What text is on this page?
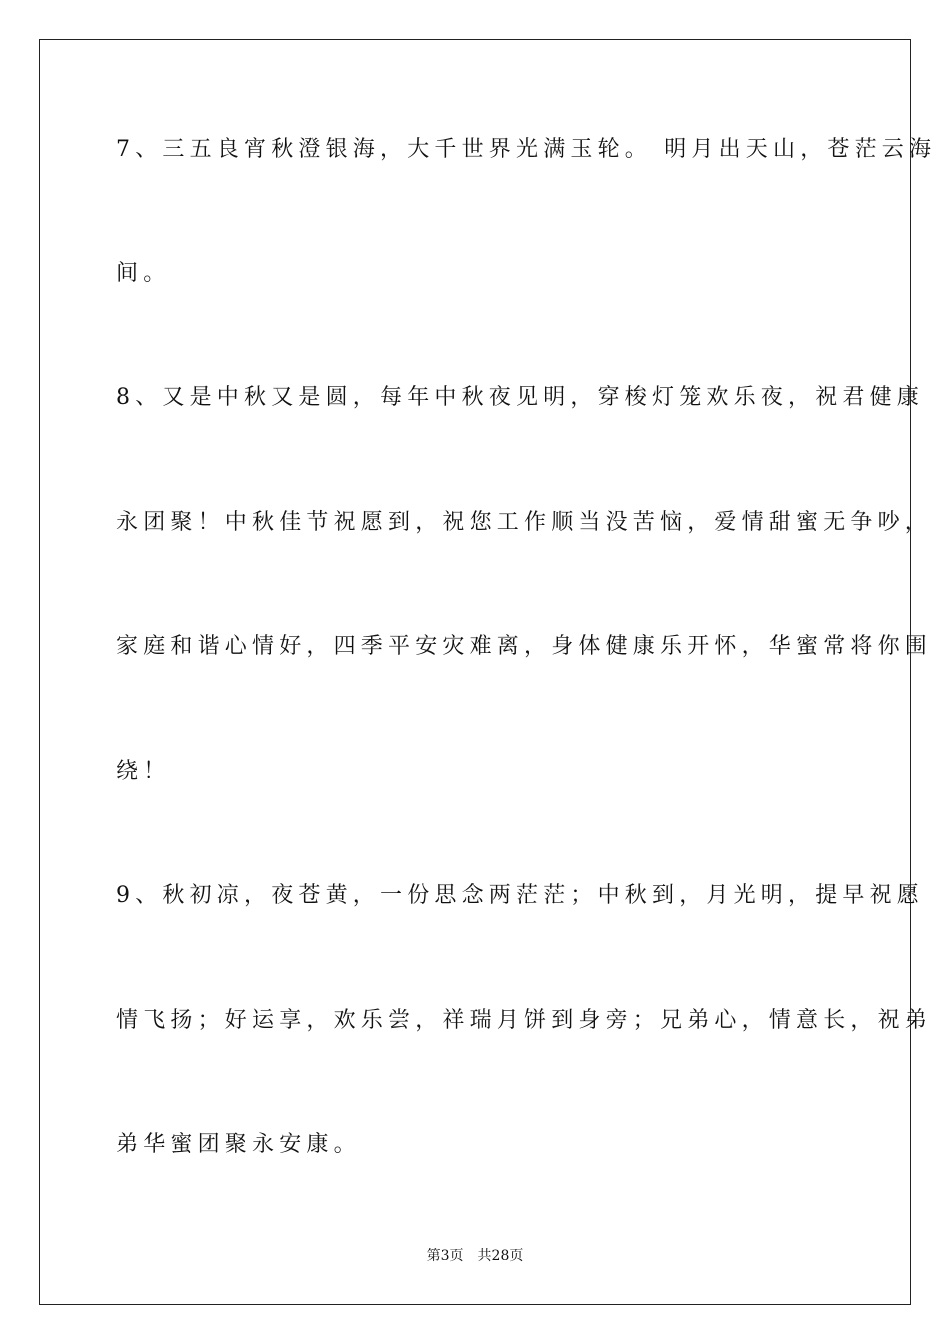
7、三五良宵秋澄银海，大千世界光满玉轮。 明月出天山，苍茫云海
间。
8、又是中秋又是圆，每年中秋夜见明，穿梭灯笼欢乐夜，祝君健康
永团聚！中秋佳节祝愿到，祝您工作顺当没苦恼，爱情甜蜜无争吵，
家庭和谐心情好，四季平安灾难离，身体健康乐开怀，华蜜常将你围
绕！
9、秋初凉，夜苍黄，一份思念两茫茫；中秋到，月光明，提早祝愿
情飞扬；好运享，欢乐尝，祥瑞月饼到身旁；兄弟心，情意长，祝弟
弟华蜜团聚永安康。
第3页 共28页
